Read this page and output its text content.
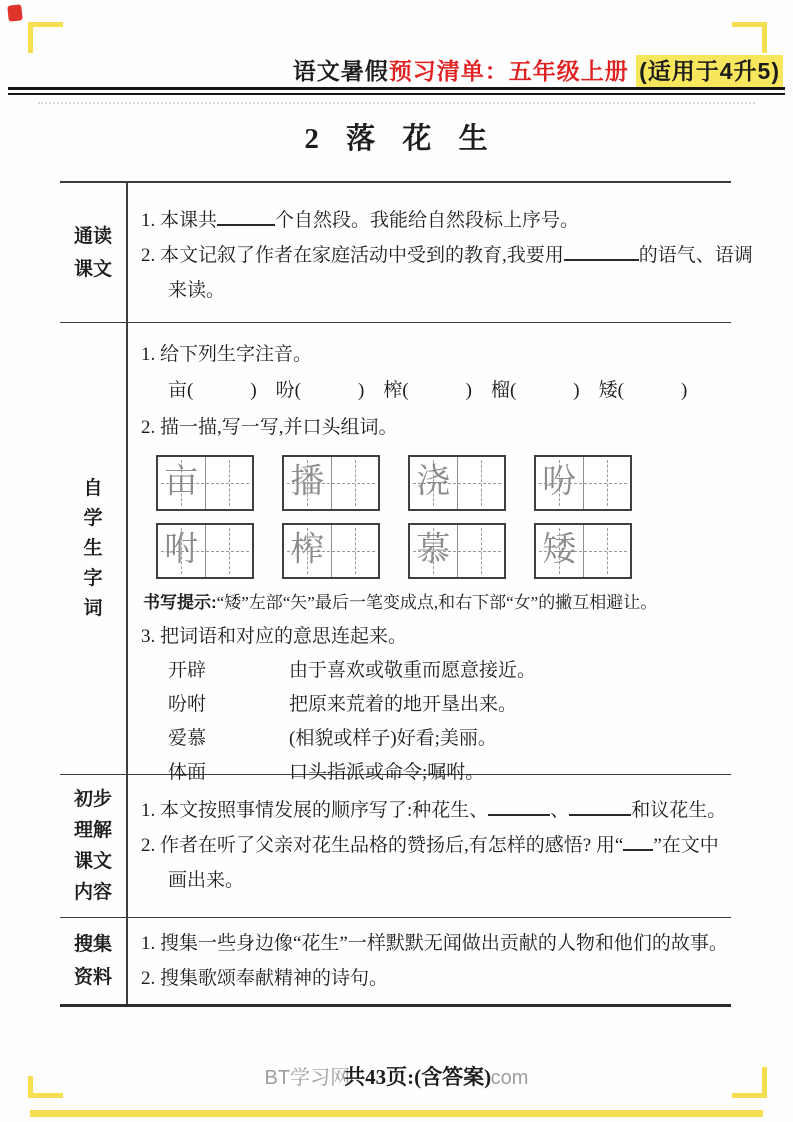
语文暑假预习清单：五年级上册 (适用于4升5)
2 落 花 生
通读
课文

1. 本课共	个自然段。我能给自然段标上序号。

2. 本文记叙了作者在家庭活动中受到的教育,我要用	的语气、语调

来读。

自
学
生
字
词

1. 给下列生字注音。

亩(　　　)　吩(　　　)　榨(　　　)　榴(　　　)　矮(　　　)

2. 描一描,写一写,并口头组词。

亩	播	浇	吩
咐	榨	慕	矮

书写提示:“矮”左部“矢”最后一笔变成点,和右下部“女”的撇互相避让。

3. 把词语和对应的意思连起来。

开辟	由于喜欢或敬重而愿意接近。
吩咐	把原来荒着的地开垦出来。
爱慕	(相貌或样子)好看;美丽。
体面	口头指派或命令;嘱咐。
初步
理解
课文
内容

1. 本文按照事情发展的顺序写了:种花生、	、	和议花生。

2. 作者在听了父亲对花生品格的赞扬后,有怎样的感悟? 用“ ”在文中

画出来。

搜集
资料

1. 搜集一些身边像“花生”一样默默无闻做出贡献的人物和他们的故事。

2. 搜集歌颂奉献精神的诗句。

BT学习网共43页:(含答案).com
